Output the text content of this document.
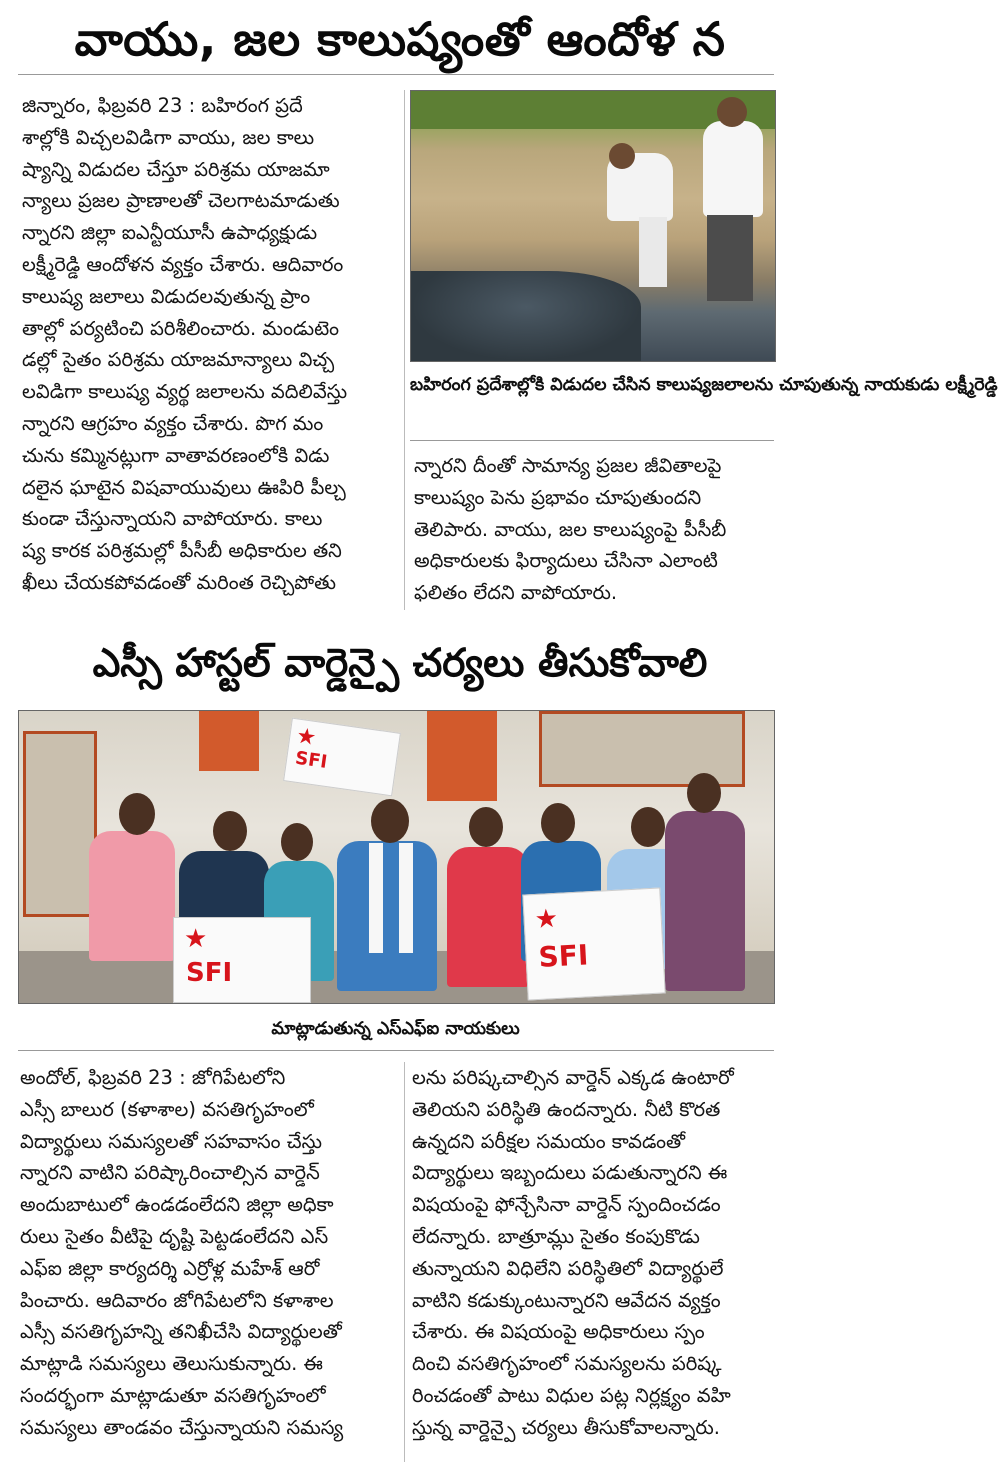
వాయు, జల కాలుష్యంతో ఆందోళ న
జిన్నారం, ఫిబ్రవరి 23 : బహిరంగ ప్రదే
శాల్లోకి విచ్చలవిడిగా వాయు, జల కాలు
ష్యాన్ని విడుదల చేస్తూ పరిశ్రమ యాజమా
న్యాలు ప్రజల ప్రాణాలతో చెలగాటమాడుతు
న్నారని జిల్లా ఐఎన్టీయూసీ ఉపాధ్యక్షుడు
లక్ష్మీరెడ్డి ఆందోళన వ్యక్తం చేశారు. ఆదివారం
కాలుష్య జలాలు విడుదలవుతున్న ప్రాం
తాల్లో పర్యటించి పరిశీలించారు. మండుటెం
డల్లో సైతం పరిశ్రమ యాజమాన్యాలు విచ్చ
లవిడిగా కాలుష్య వ్యర్థ జలాలను వదిలివేస్తు
న్నారని ఆగ్రహం వ్యక్తం చేశారు. పొగ మం
చును కమ్మినట్లుగా వాతావరణంలోకి విడు
దలైన ఘాటైన విషవాయువులు ఊపిరి పీల్చ
కుండా చేస్తున్నాయని వాపోయారు. కాలు
ష్య కారక పరిశ్రమల్లో పీసీబీ అధికారుల తని
ఖీలు చేయకపోవడంతో మరింత రెచ్చిపోతు
బహిరంగ ప్రదేశాల్లోకి విడుదల చేసిన కాలుష్యజలాలను చూపుతున్న నాయకుడు లక్ష్మీరెడ్డి
న్నారని దీంతో సామాన్య ప్రజల జీవితాలపై
కాలుష్యం పెను ప్రభావం చూపుతుందని
తెలిపారు. వాయు, జల కాలుష్యంపై పీసీబీ
అధికారులకు ఫిర్యాదులు చేసినా ఎలాంటి
ఫలితం లేదని వాపోయారు.
ఎస్సీ హాస్టల్ వార్డెన్పై చర్యలు తీసుకోవాలి
★
SFI
★
SFI
★
SFI
మాట్లాడుతున్న ఎస్ఎఫ్ఐ నాయకులు
అందోల్, ఫిబ్రవరి 23 : జోగిపేటలోని
ఎస్సీ బాలుర (కళాశాల) వసతిగృహంలో
విద్యార్థులు సమస్యలతో సహవాసం చేస్తు
న్నారని వాటిని పరిష్కారించాల్సిన వార్డెన్
అందుబాటులో ఉండడంలేదని జిల్లా అధికా
రులు సైతం వీటిపై దృష్టి పెట్టడంలేదని ఎస్
ఎఫ్ఐ జిల్లా కార్యదర్శి ఎర్రోళ్ల మహేశ్ ఆరో
పించారు. ఆదివారం జోగిపేటలోని కళాశాల
ఎస్సీ వసతిగృహన్ని తనిఖీచేసి విద్యార్థులతో
మాట్లాడి సమస్యలు తెలుసుకున్నారు. ఈ
సందర్భంగా మాట్లాడుతూ వసతిగృహంలో
సమస్యలు తాండవం చేస్తున్నాయని సమస్య
లను పరిష్కచాల్సిన వార్డెన్ ఎక్కడ ఉంటారో
తెలియని పరిస్థితి ఉందన్నారు. నీటి కొరత
ఉన్నదని పరీక్షల సమయం కావడంతో
విద్యార్థులు ఇబ్బందులు పడుతున్నారని ఈ
విషయంపై ఫోన్చేసినా వార్డెన్ స్పందించడం
లేదన్నారు. బాత్రూమ్లు సైతం కంపుకొడు
తున్నాయని విధిలేని పరిస్థితిలో విద్యార్థులే
వాటిని కడుక్కుంటున్నారని ఆవేదన వ్యక్తం
చేశారు. ఈ విషయంపై అధికారులు స్పం
దించి వసతిగృహంలో సమస్యలను పరిష్క
రించడంతో పాటు విధుల పట్ల నిర్లక్ష్యం వహి
స్తున్న వార్డెన్పై చర్యలు తీసుకోవాలన్నారు.
